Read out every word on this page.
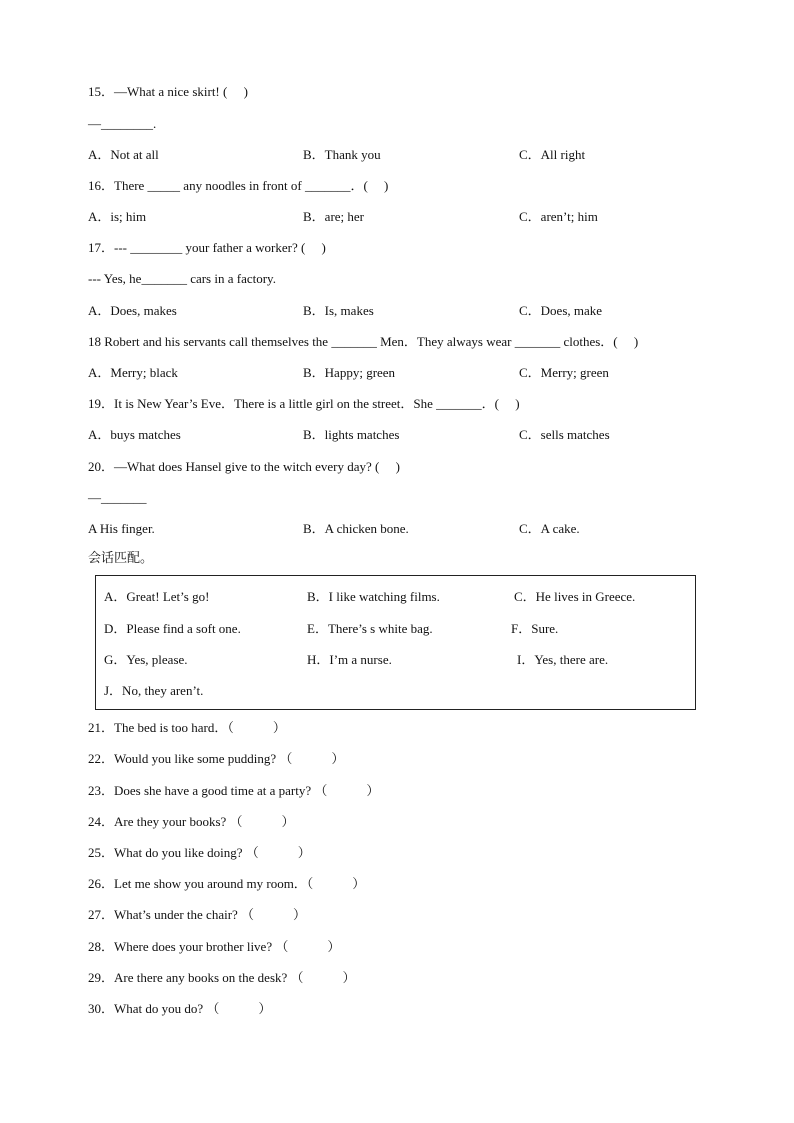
15．—What a nice skirt! (　 )
—________.
A．Not at all	B．Thank you	C．All right
16．There _____ any noodles in front of _______．(　 )
A．is; him	B．are; her	C．aren’t; him
17．--- ________ your father a worker? (　 )
--- Yes, he_______ cars in a factory.
A．Does, makes	B．Is, makes	C．Does, make
18 Robert and his servants call themselves the _______ Men．They always wear _______ clothes．(　 )
A．Merry; black	B．Happy; green	C．Merry; green
19．It is New Year’s Eve．There is a little girl on the street．She _______．(　 )
A．buys matches	B．lights matches	C．sells matches
20．—What does Hansel give to the witch every day? (　 )
—_______
A His finger.	B．A chicken bone.	C．A cake.
会话匹配。
A．Great! Let’s go!	B．I like watching films.	C．He lives in Greece.
D．Please find a soft one.	E．There’s s white bag.	F．Sure.
G．Yes, please.	H．I’m a nurse.	I．Yes, there are.
J．No, they aren’t.
21．The bed is too hard．（　　　）
22．Would you like some pudding? （　　　）
23．Does she have a good time at a party? （　　　）
24．Are they your books? （　　　）
25．What do you like doing? （　　　）
26．Let me show you around my room．（　　　）
27．What’s under the chair? （　　　）
28．Where does your brother live? （　　　）
29．Are there any books on the desk? （　　　）
30．What do you do? （　　　）
